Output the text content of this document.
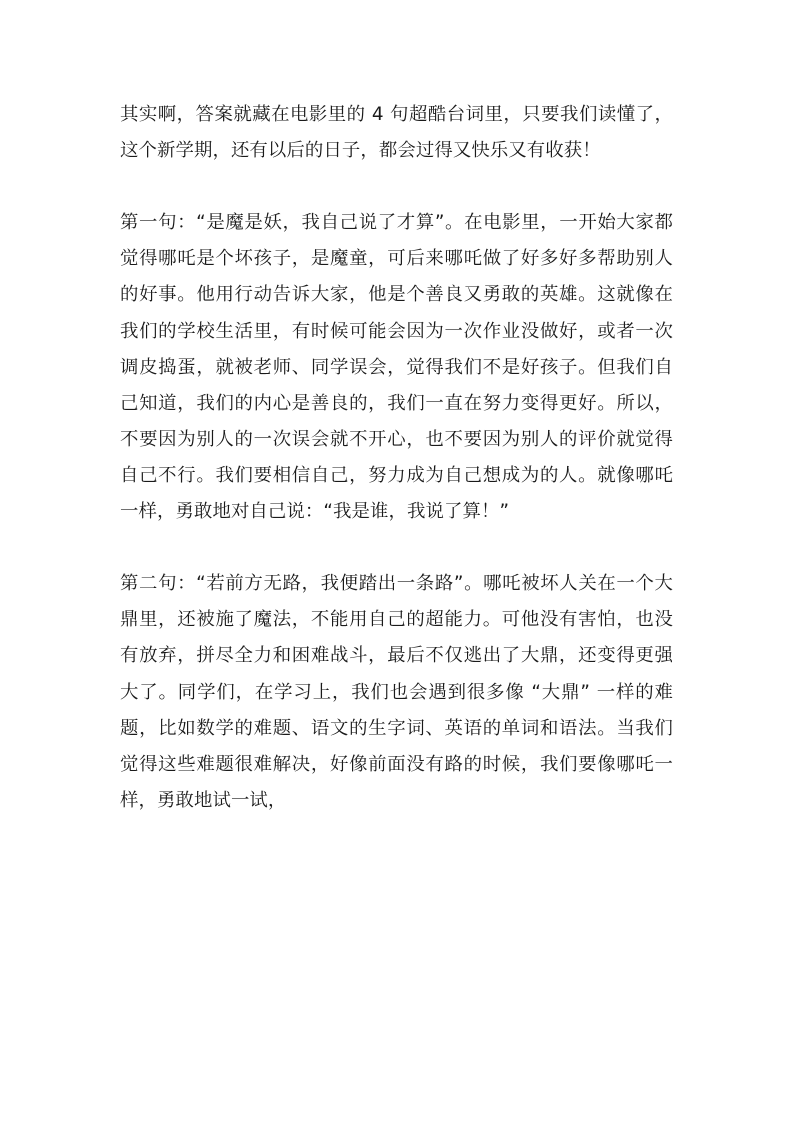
其实啊，答案就藏在电影里的 4 句超酷台词里，只要我们读懂了，这个新学期，还有以后的日子，都会过得又快乐又有收获！

第一句：“是魔是妖，我自己说了才算”。在电影里，一开始大家都觉得哪吒是个坏孩子，是魔童，可后来哪吒做了好多好多帮助别人的好事。他用行动告诉大家，他是个善良又勇敢的英雄。这就像在我们的学校生活里，有时候可能会因为一次作业没做好，或者一次调皮捣蛋，就被老师、同学误会，觉得我们不是好孩子。但我们自己知道，我们的内心是善良的，我们一直在努力变得更好。所以，不要因为别人的一次误会就不开心，也不要因为别人的评价就觉得自己不行。我们要相信自己，努力成为自己想成为的人。就像哪吒一样，勇敢地对自己说：“我是谁，我说了算！”

第二句：“若前方无路，我便踏出一条路”。哪吒被坏人关在一个大鼎里，还被施了魔法，不能用自己的超能力。可他没有害怕，也没有放弃，拼尽全力和困难战斗，最后不仅逃出了大鼎，还变得更强大了。同学们，在学习上，我们也会遇到很多像 “大鼎” 一样的难题，比如数学的难题、语文的生字词、英语的单词和语法。当我们觉得这些难题很难解决，好像前面没有路的时候，我们要像哪吒一样，勇敢地试一试，
